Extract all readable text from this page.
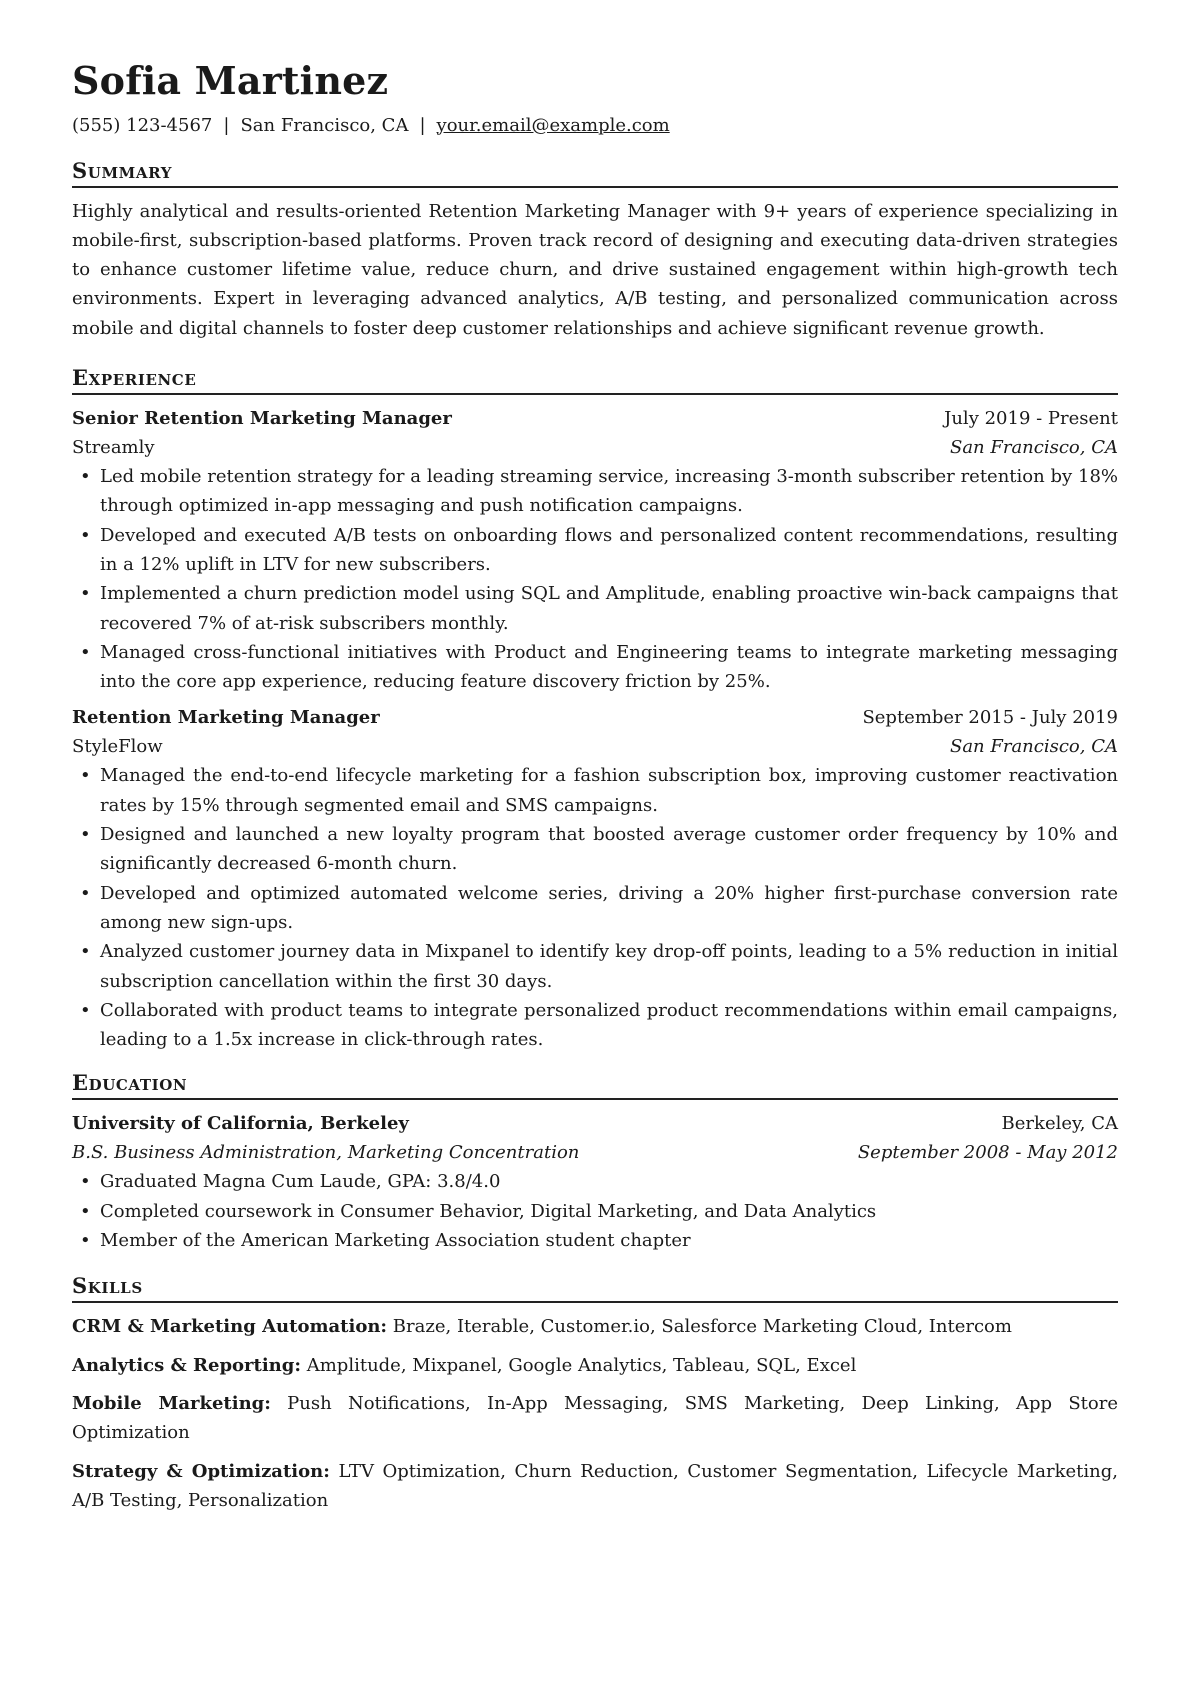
Sofia Martinez
(555) 123-4567 | San Francisco, CA | your.email@example.com
Summary

Highly analytical and results-oriented Retention Marketing Manager with 9+ years of experience specializing in mobile-first, subscription-based platforms. Proven track record of designing and executing data-driven strategies to enhance customer lifetime value, reduce churn, and drive sustained engagement within high-growth tech environments. Expert in leveraging advanced analytics, A/B testing, and personalized communication across mobile and digital channels to foster deep customer relationships and achieve significant revenue growth.

Experience
Senior Retention Marketing Manager	July 2019 - Present
Streamly	San Francisco, CA
• Led mobile retention strategy for a leading streaming service, increasing 3-month subscriber retention by 18% through optimized in-app messaging and push notification campaigns.
• Developed and executed A/B tests on onboarding flows and personalized content recommendations, resulting in a 12% uplift in LTV for new subscribers.
• Implemented a churn prediction model using SQL and Amplitude, enabling proactive win-back campaigns that recovered 7% of at-risk subscribers monthly.
• Managed cross-functional initiatives with Product and Engineering teams to integrate marketing messaging into the core app experience, reducing feature discovery friction by 25%.
Retention Marketing Manager	September 2015 - July 2019
StyleFlow	San Francisco, CA
• Managed the end-to-end lifecycle marketing for a fashion subscription box, improving customer reactivation rates by 15% through segmented email and SMS campaigns.
• Designed and launched a new loyalty program that boosted average customer order frequency by 10% and significantly decreased 6-month churn.
• Developed and optimized automated welcome series, driving a 20% higher first-purchase conversion rate among new sign-ups.
• Analyzed customer journey data in Mixpanel to identify key drop-off points, leading to a 5% reduction in initial subscription cancellation within the first 30 days.
• Collaborated with product teams to integrate personalized product recommendations within email campaigns, leading to a 1.5x increase in click-through rates.
Education
University of California, Berkeley	Berkeley, CA
B.S. Business Administration, Marketing Concentration	September 2008 - May 2012
• Graduated Magna Cum Laude, GPA: 3.8/4.0
• Completed coursework in Consumer Behavior, Digital Marketing, and Data Analytics
• Member of the American Marketing Association student chapter
Skills
CRM & Marketing Automation: Braze, Iterable, Customer.io, Salesforce Marketing Cloud, Intercom
Analytics & Reporting: Amplitude, Mixpanel, Google Analytics, Tableau, SQL, Excel
Mobile Marketing: Push Notifications, In-App Messaging, SMS Marketing, Deep Linking, App Store Optimization
Strategy & Optimization: LTV Optimization, Churn Reduction, Customer Segmentation, Lifecycle Marketing, A/B Testing, Personalization
